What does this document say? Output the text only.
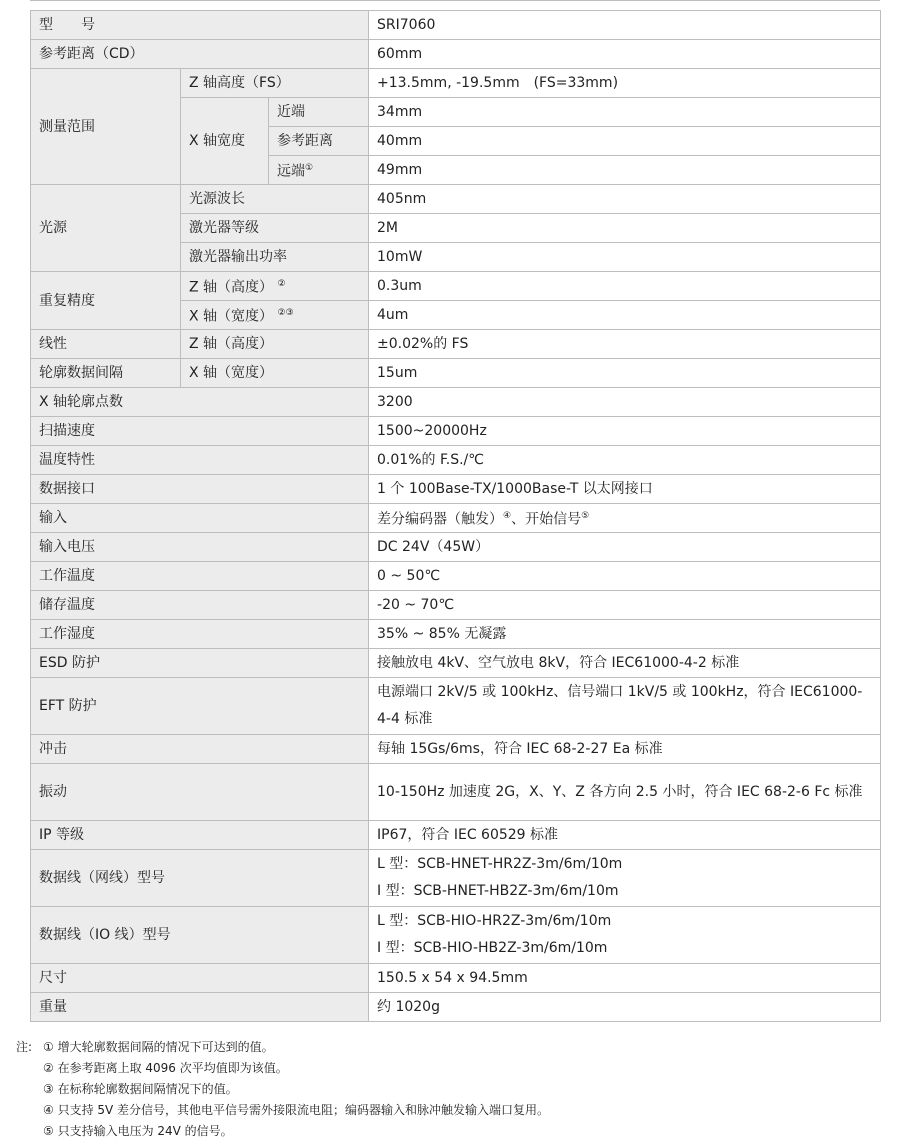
型　　号			SRI7060
参考距离（CD）			60mm
测量范围	Z 轴高度（FS）		+13.5mm, -19.5mm　(FS=33mm)
	X 轴宽度	近端	34mm
		参考距离	40mm
		远端①	49mm
光源	光源波长		405nm
	激光器等级		2M
	激光器输出功率		10mW
重复精度	Z 轴（高度） ②		0.3um
	X 轴（宽度） ②③		4um
线性	Z 轴（高度）		±0.02%的 FS
轮廓数据间隔	X 轴（宽度）		15um
X 轴轮廓点数			3200
扫描速度			1500~20000Hz
温度特性			0.01%的 F.S./℃
数据接口			1 个 100Base-TX/1000Base-T 以太网接口
输入			差分编码器（触发）④、开始信号⑤
输入电压			DC 24V（45W）
工作温度			0 ~ 50℃
储存温度			-20 ~ 70℃
工作湿度			35% ~ 85% 无凝露
ESD 防护			接触放电 4kV、空气放电 8kV，符合 IEC61000-4-2 标准
EFT 防护			电源端口 2kV/5 或 100kHz、信号端口 1kV/5 或 100kHz，符合 IEC61000-4-4 标准
冲击			每轴 15Gs/6ms，符合 IEC 68-2-27 Ea 标准
振动			10-150Hz 加速度 2G，X、Y、Z 各方向 2.5 小时，符合 IEC 68-2-6 Fc 标准
IP 等级			IP67，符合 IEC 60529 标准
数据线（网线）型号			L 型：SCB-HNET-HR2Z-3m/6m/10m
I 型：SCB-HNET-HB2Z-3m/6m/10m

数据线（IO 线）型号			L 型：SCB-HIO-HR2Z-3m/6m/10m
I 型：SCB-HIO-HB2Z-3m/6m/10m

尺寸			150.5 x 54 x 94.5mm
重量			约 1020g
注: ① 增大轮廓数据间隔的情况下可达到的值。
② 在参考距离上取 4096 次平均值即为该值。
③ 在标称轮廓数据间隔情况下的值。
④ 只支持 5V 差分信号，其他电平信号需外接限流电阻；编码器输入和脉冲触发输入端口复用。
⑤ 只支持输入电压为 24V 的信号。
